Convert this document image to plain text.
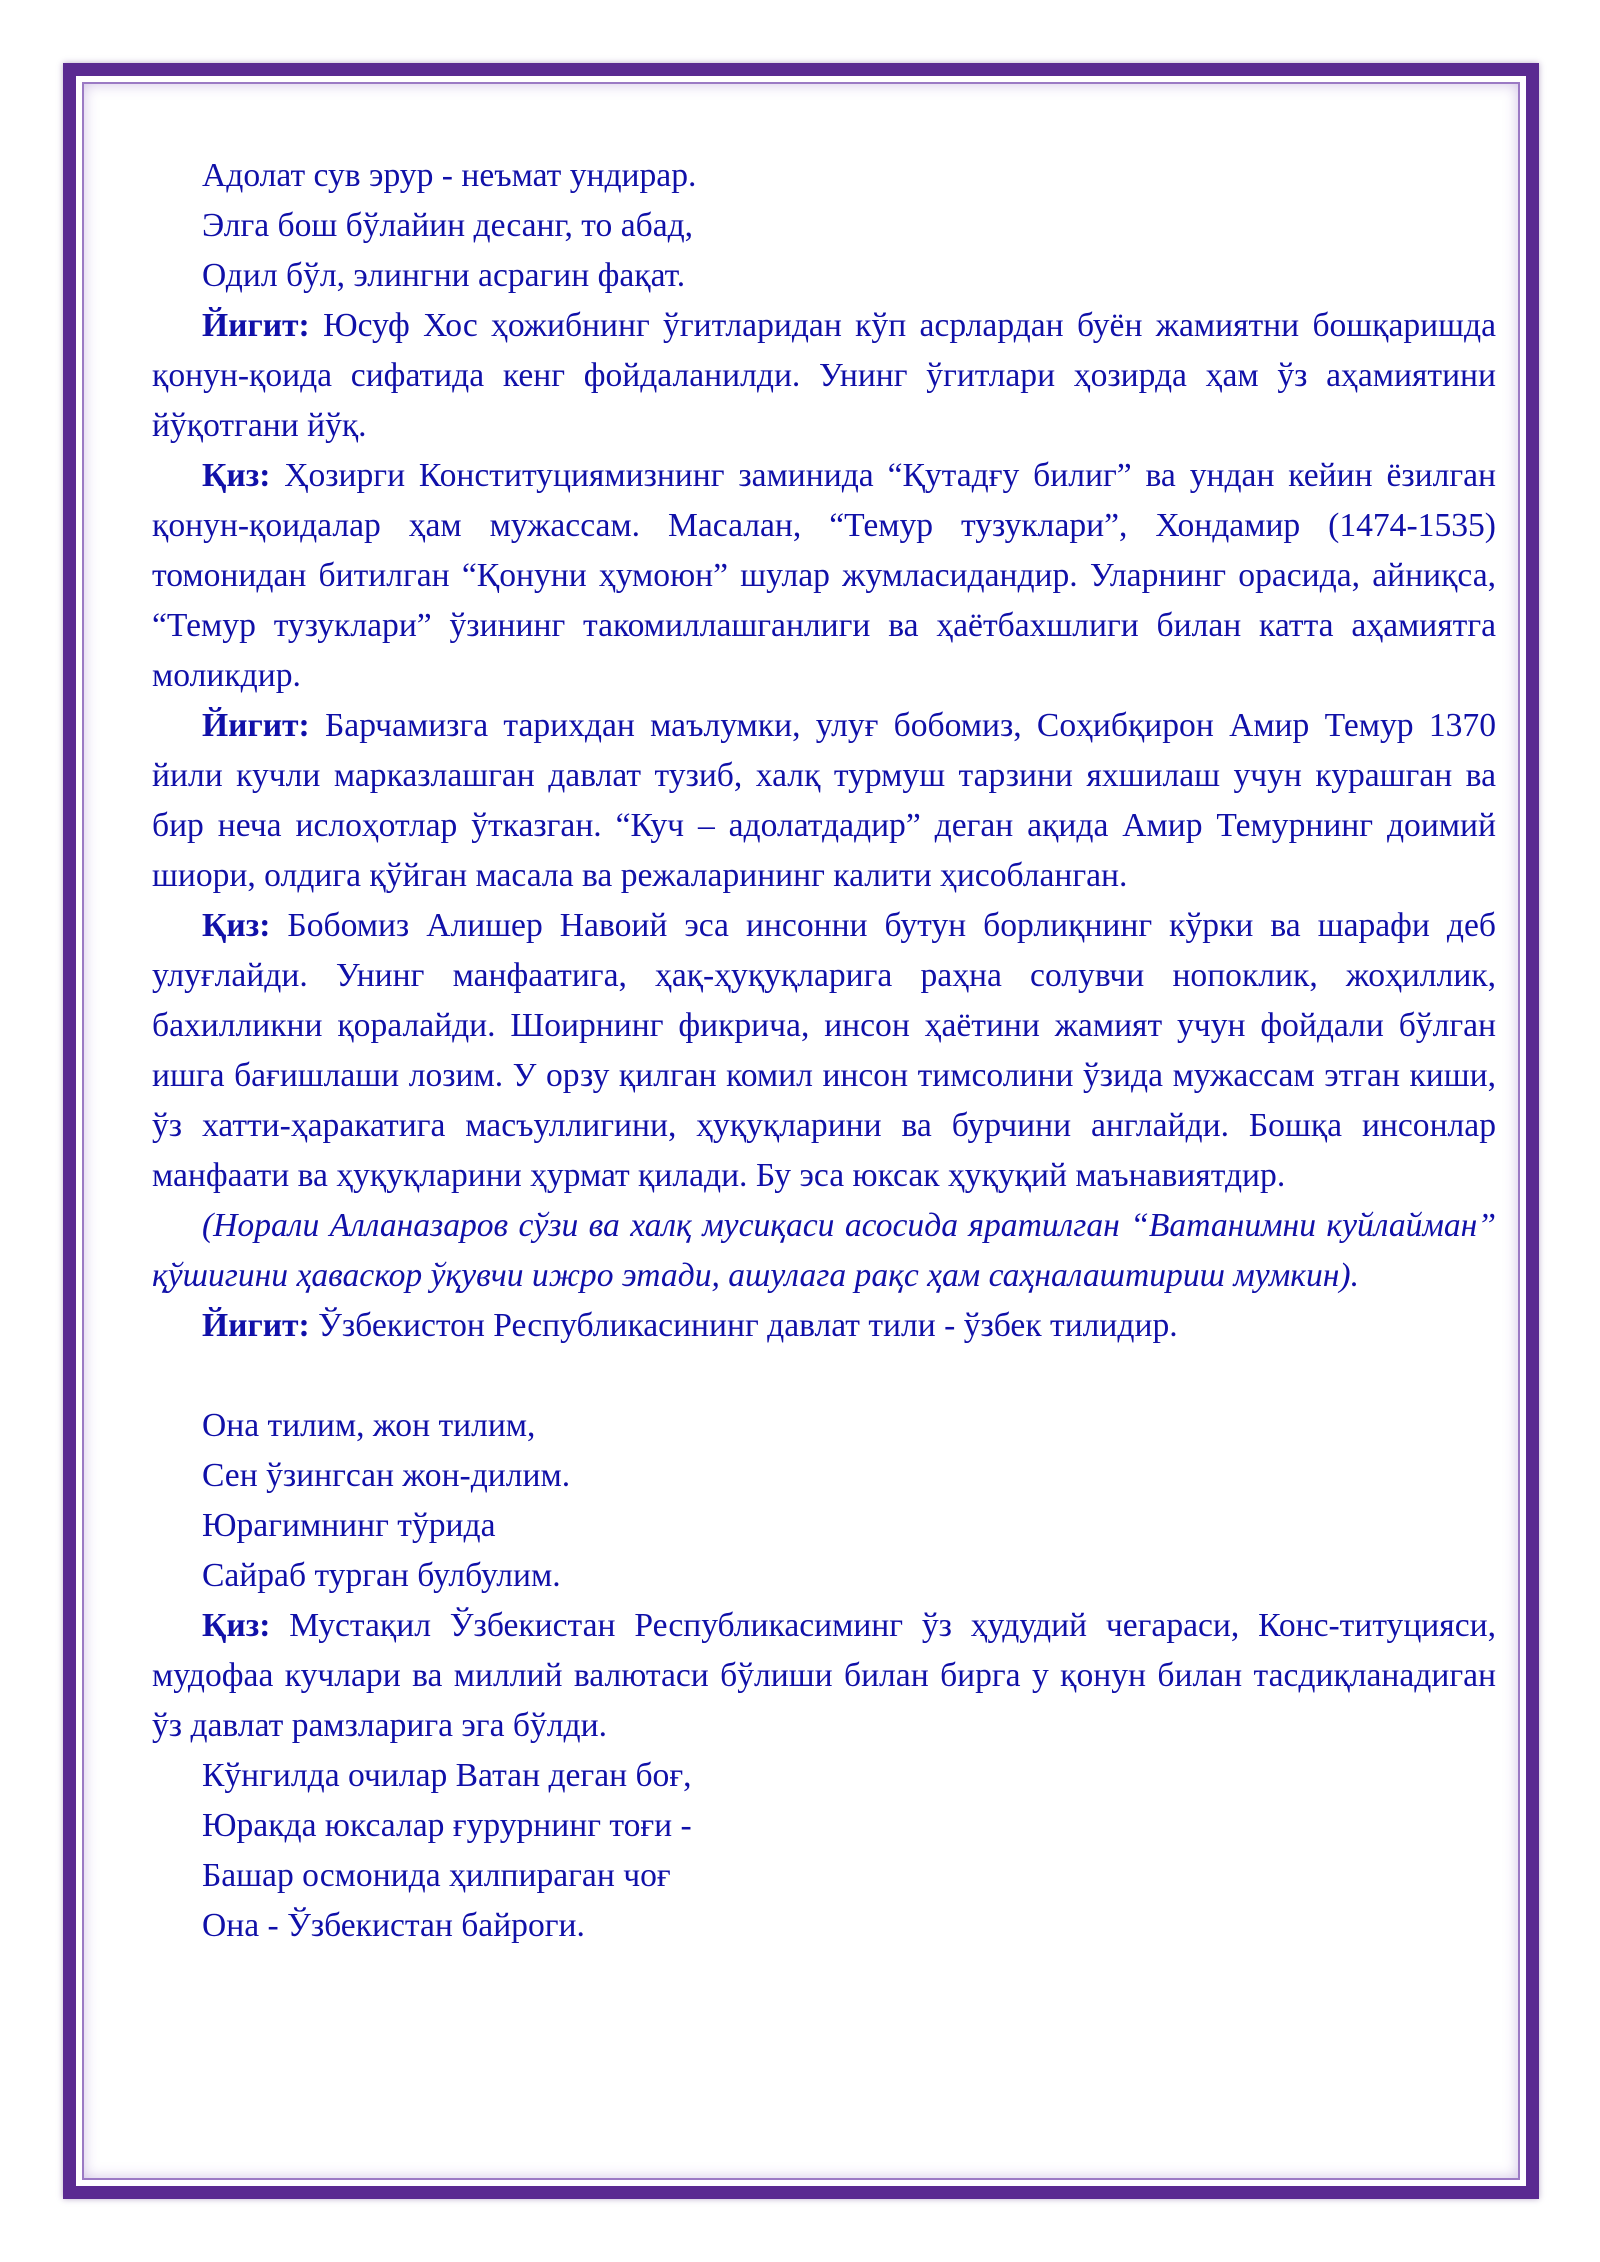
Адолат сув эрур - неъмат ундирар.

Элга бош бўлайин десанг, то абад,

Одил бўл, элингни асрагин фақат.

Йигит: Юсуф Хос ҳожибнинг ўгитларидан кўп асрлардан буён жамиятни бошқаришда қонун-қоида сифатида кенг фойдаланилди. Унинг ўгитлари ҳозирда ҳам ўз аҳамиятини йўқотгани йўқ.

Қиз: Ҳозирги Конституциямизнинг заминида “Қутадғу билиг” ва ундан кейин ёзилган қонун-қоидалар ҳам мужассам. Масалан, “Темур тузуклари”, Хондамир (1474-1535) томонидан битилган “Қонуни ҳумоюн” шулар жумласидандир. Уларнинг орасида, айниқса, “Темур тузуклари” ўзининг такомиллашганлиги ва ҳаётбахшлиги билан катта аҳамиятга моликдир.

Йигит: Барчамизга тарихдан маълумки, улуғ бобомиз, Соҳибқирон Амир Темур 1370 йили кучли марказлашган давлат тузиб, халқ турмуш тарзини яхшилаш учун курашган ва бир неча ислоҳотлар ўтказган. “Куч – адолатдадир” деган ақида Амир Темурнинг доимий шиори, олдига қўйган масала ва режаларининг калити ҳисобланган.

Қиз: Бобомиз Алишер Навоий эса инсонни бутун борлиқнинг кўрки ва шарафи деб улуғлайди. Унинг манфаатига, ҳақ-ҳуқуқларига раҳна солувчи нопоклик, жоҳиллик, бахилликни қоралайди. Шоирнинг фикрича, инсон ҳаётини жамият учун фойдали бўлган ишга бағишлаши лозим. У орзу қилган комил инсон тимсолини ўзида мужассам этган киши, ўз хатти-ҳаракатига масъуллигини, ҳуқуқларини ва бурчини англайди. Бошқа инсонлар манфаати ва ҳуқуқларини ҳурмат қилади. Бу эса юксак ҳуқуқий маънавиятдир.

(Норали Алланазаров сўзи ва халқ мусиқаси асосида яратилган “Ватанимни куйлайман” қўшигини ҳаваскор ўқувчи ижро этади, ашулага рақс ҳам саҳналаштириш мумкин).

Йигит: Ўзбекистон Республикасининг давлат тили - ўзбек тилидир.

Она тилим, жон тилим,

Сен ўзингсан жон-дилим.

Юрагимнинг тўрида

Сайраб турган булбулим.

Қиз: Мустақил Ўзбекистан Республикасиминг ўз ҳудудий чегараси, Конс-титуцияси, мудофаа кучлари ва миллий валютаси бўлиши билан бирга у қонун билан тасдиқланадиган ўз давлат рамзларига эга бўлди.

Кўнгилда очилар Ватан деган боғ,

Юракда юксалар ғурурнинг тоғи -

Башар осмонида ҳилпираган чоғ

Она - Ўзбекистан байроги.
